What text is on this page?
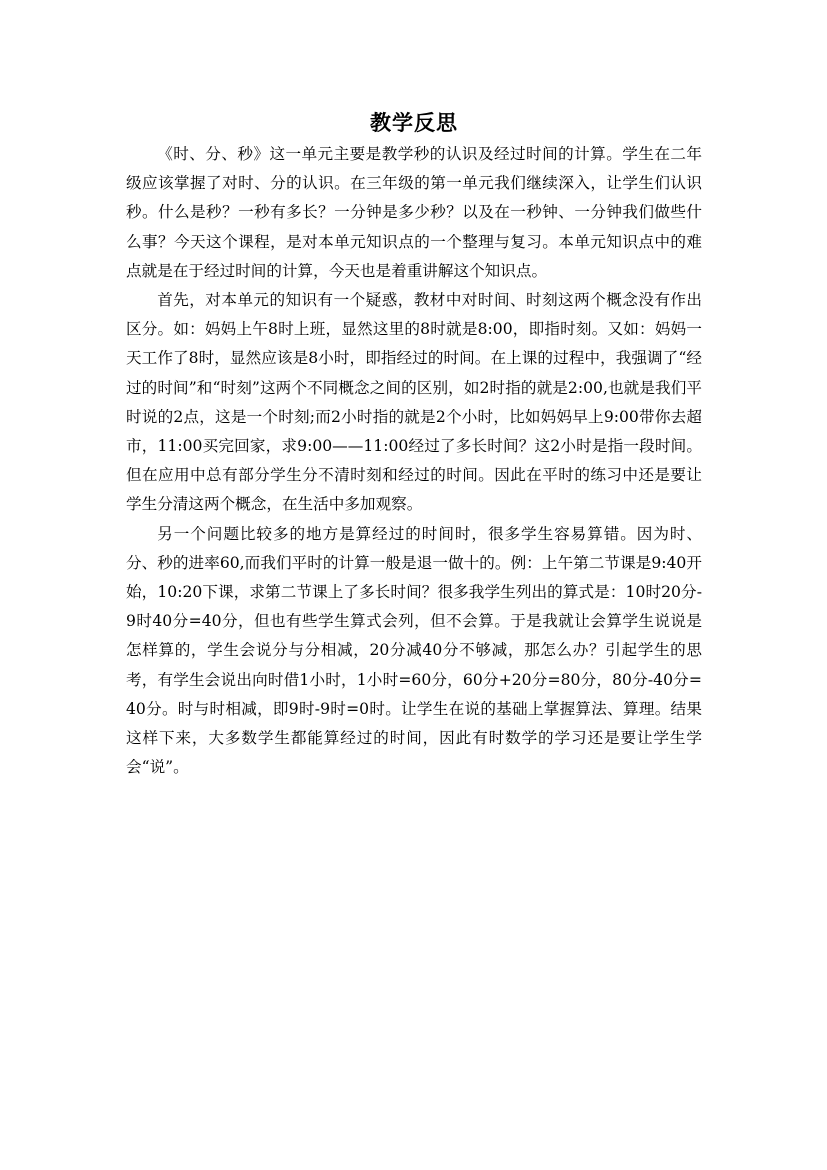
教学反思

《时、分、秒》这一单元主要是教学秒的认识及经过时间的计算。学生在二年级应该掌握了对时、分的认识。在三年级的第一单元我们继续深入，让学生们认识秒。什么是秒？一秒有多长？一分钟是多少秒？以及在一秒钟、一分钟我们做些什么事？今天这个课程，是对本单元知识点的一个整理与复习。本单元知识点中的难点就是在于经过时间的计算，今天也是着重讲解这个知识点。

首先，对本单元的知识有一个疑惑，教材中对时间、时刻这两个概念没有作出区分。如：妈妈上午8时上班，显然这里的8时就是8:00，即指时刻。又如：妈妈一天工作了8时，显然应该是8小时，即指经过的时间。在上课的过程中，我强调了“经过的时间”和“时刻”这两个不同概念之间的区别，如2时指的就是2:00,也就是我们平时说的2点，这是一个时刻;而2小时指的就是2个小时，比如妈妈早上9:00带你去超市，11:00买完回家，求9:00——11:00经过了多长时间？这2小时是指一段时间。但在应用中总有部分学生分不清时刻和经过的时间。因此在平时的练习中还是要让学生分清这两个概念，在生活中多加观察。

另一个问题比较多的地方是算经过的时间时，很多学生容易算错。因为时、分、秒的进率60,而我们平时的计算一般是退一做十的。例：上午第二节课是9:40开始，10:20下课，求第二节课上了多长时间？很多我学生列出的算式是：10时20分-9时40分=40分，但也有些学生算式会列，但不会算。于是我就让会算学生说说是怎样算的，学生会说分与分相减，20分减40分不够减，那怎么办？引起学生的思考，有学生会说出向时借1小时，1小时=60分，60分+20分=80分，80分-40分=40分。时与时相减，即9时-9时=0时。让学生在说的基础上掌握算法、算理。结果这样下来，大多数学生都能算经过的时间，因此有时数学的学习还是要让学生学会“说”。
